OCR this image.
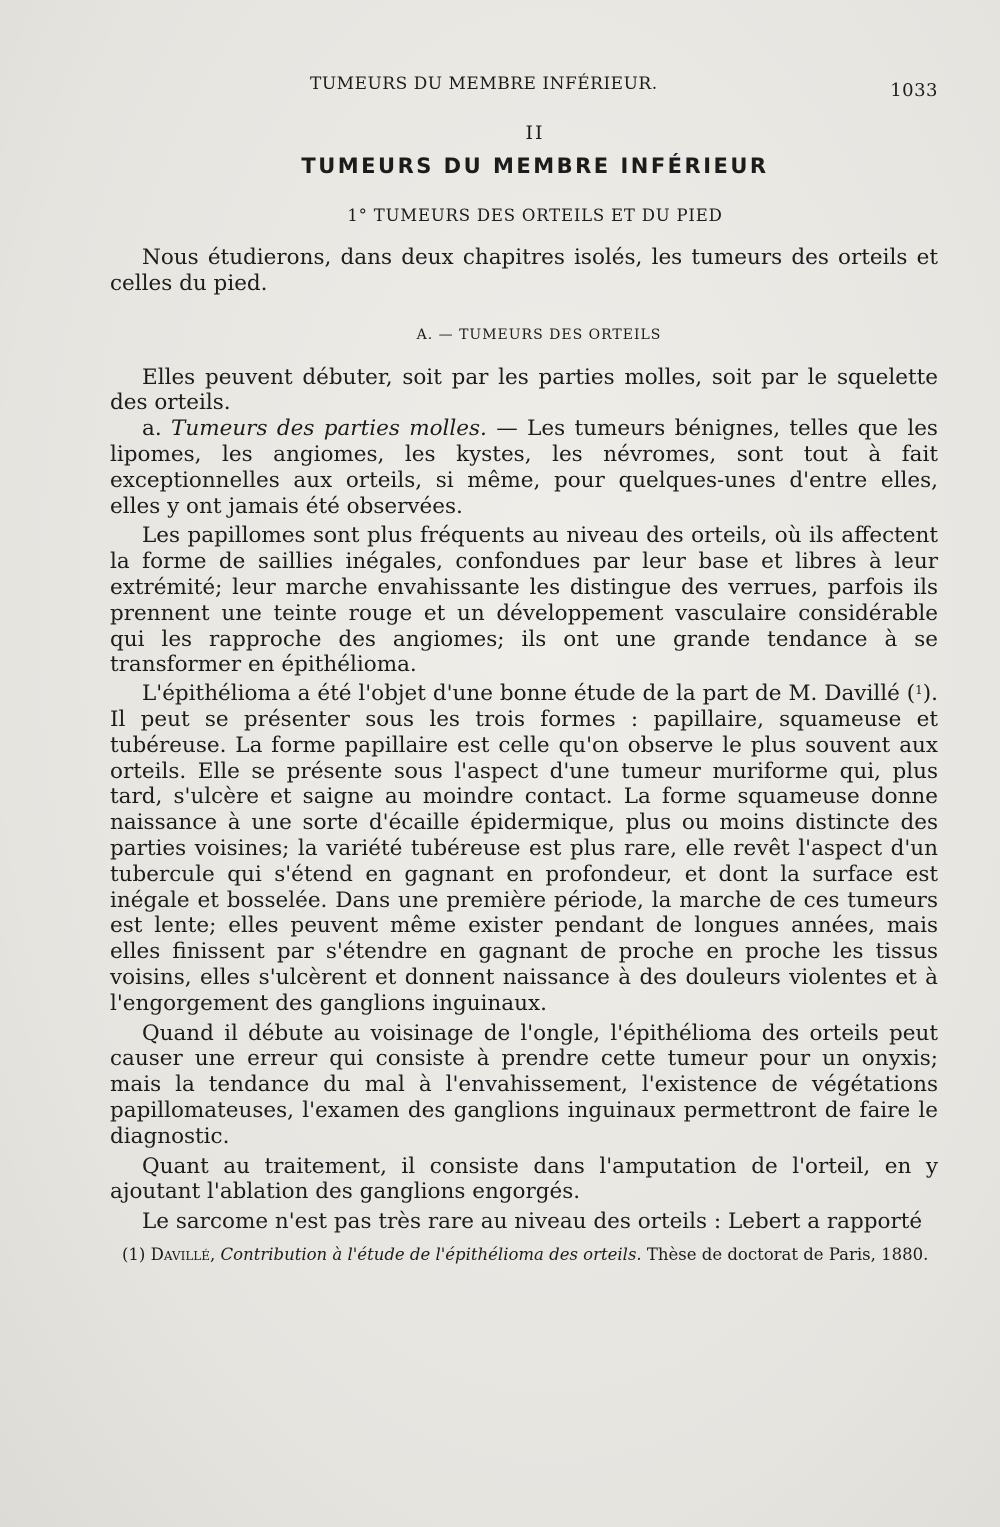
TUMEURS DU MEMBRE INFÉRIEUR.	1033
II
TUMEURS DU MEMBRE INFÉRIEUR
1° TUMEURS DES ORTEILS ET DU PIED

Nous étudierons, dans deux chapitres isolés, les tumeurs des orteils et celles du pied.

A. — TUMEURS DES ORTEILS

Elles peuvent débuter, soit par les parties molles, soit par le squelette des orteils.

a. Tumeurs des parties molles. — Les tumeurs bénignes, telles que les lipomes, les angiomes, les kystes, les névromes, sont tout à fait exceptionnelles aux orteils, si même, pour quelques-unes d'entre elles, elles y ont jamais été observées.

Les papillomes sont plus fréquents au niveau des orteils, où ils affectent la forme de saillies inégales, confondues par leur base et libres à leur extrémité; leur marche envahissante les distingue des verrues, parfois ils prennent une teinte rouge et un développement vasculaire considérable qui les rapproche des angiomes; ils ont une grande tendance à se transformer en épithélioma.

L'épithélioma a été l'objet d'une bonne étude de la part de M. Davillé ($^1$). Il peut se présenter sous les trois formes : papillaire, squameuse et tubéreuse. La forme papillaire est celle qu'on observe le plus souvent aux orteils. Elle se présente sous l'aspect d'une tumeur muriforme qui, plus tard, s'ulcère et saigne au moindre contact. La forme squameuse donne naissance à une sorte d'écaille épidermique, plus ou moins distincte des parties voisines; la variété tubéreuse est plus rare, elle revêt l'aspect d'un tubercule qui s'étend en gagnant en profondeur, et dont la surface est inégale et bosselée. Dans une première période, la marche de ces tumeurs est lente; elles peuvent même exister pendant de longues années, mais elles finissent par s'étendre en gagnant de proche en proche les tissus voisins, elles s'ulcèrent et donnent naissance à des douleurs violentes et à l'engorgement des ganglions inguinaux.

Quand il débute au voisinage de l'ongle, l'épithélioma des orteils peut causer une erreur qui consiste à prendre cette tumeur pour un onyxis; mais la tendance du mal à l'envahissement, l'existence de végétations papillomateuses, l'examen des ganglions inguinaux permettront de faire le diagnostic.

Quant au traitement, il consiste dans l'amputation de l'orteil, en y ajoutant l'ablation des ganglions engorgés.

Le sarcome n'est pas très rare au niveau des orteils : Lebert a rapporté

(1) Davillé, Contribution à l'étude de l'épithélioma des orteils. Thèse de doctorat de Paris, 1880.
